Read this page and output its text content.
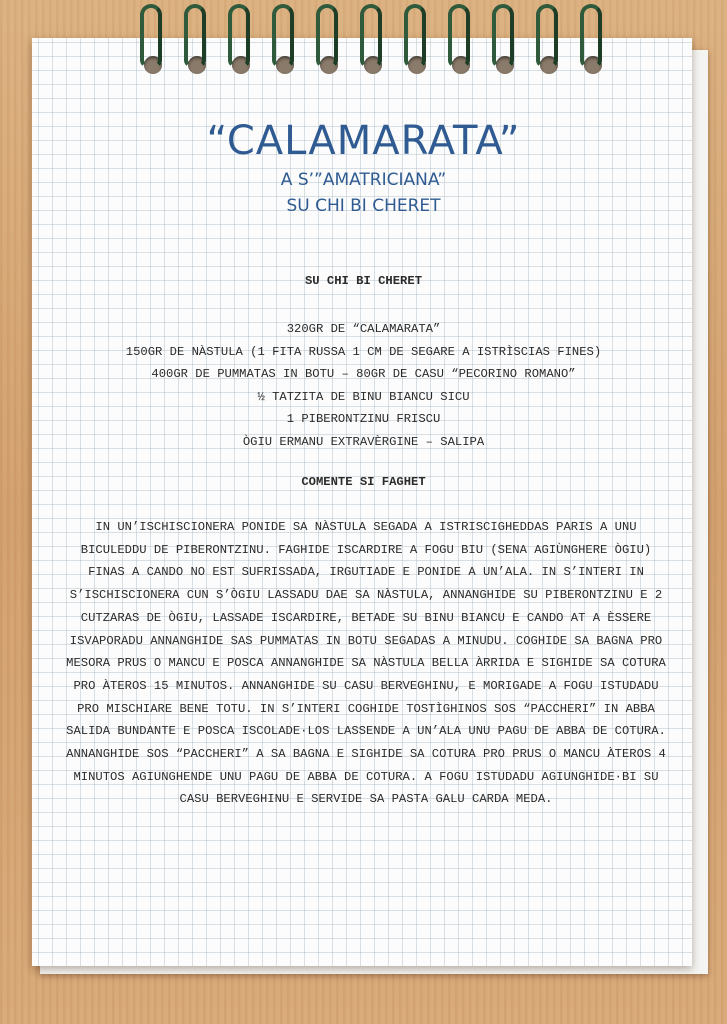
“CALAMARATA”
A S’”AMATRICIANA”
SU CHI BI CHERET
SU CHI BI CHERET
320GR DE “CALAMARATA”
150GR DE NÀSTULA (1 FITA RUSSA 1 CM DE SEGARE A ISTRÌSCIAS FINES)
400GR DE PUMMATAS IN BOTU – 80GR DE CASU “PECORINO ROMANO”
½ TATZITA DE BINU BIANCU SICU
1 PIBERONTZINU FRISCU
ÒGIU ERMANU EXTRAVÈRGINE – SALIPA
COMENTE SI FAGHET

IN UN’ISCHISCIONERA PONIDE SA NÀSTULA SEGADA A ISTRISCIGHEDDAS PARIS A UNU BICULEDDU DE PIBERONTZINU. FAGHIDE ISCARDIRE A FOGU BIU (SENA AGIÙNGHERE ÒGIU) FINAS A CANDO NO EST SUFRISSADA, IRGUTIADE E PONIDE A UN’ALA. IN S’INTERI IN S’ISCHISCIONERA CUN S’ÒGIU LASSADU DAE SA NÀSTULA, ANNANGHIDE SU PIBERONTZINU E 2 CUTZARAS DE ÒGIU, LASSADE ISCARDIRE, BETADE SU BINU BIANCU E CANDO AT A ÈSSERE ISVAPORADU ANNANGHIDE SAS PUMMATAS IN BOTU SEGADAS A MINUDU. COGHIDE SA BAGNA PRO MESORA PRUS O MANCU E POSCA ANNANGHIDE SA NÀSTULA BELLA ÀRRIDA E SIGHIDE SA COTURA PRO ÀTEROS 15 MINUTOS. ANNANGHIDE SU CASU BERVEGHINU, E MORIGADE A FOGU ISTUDADU PRO MISCHIARE BENE TOTU. IN S’INTERI COGHIDE TOSTÌGHINOS SOS “PACCHERI” IN ABBA SALIDA BUNDANTE E POSCA ISCOLADE·LOS LASSENDE A UN’ALA UNU PAGU DE ABBA DE COTURA. ANNANGHIDE SOS “PACCHERI” A SA BAGNA E SIGHIDE SA COTURA PRO PRUS O MANCU ÀTEROS 4 MINUTOS AGIUNGHENDE UNU PAGU DE ABBA DE COTURA. A FOGU ISTUDADU AGIUNGHIDE·BI SU CASU BERVEGHINU E SERVIDE SA PASTA GALU CARDA MEDA.
